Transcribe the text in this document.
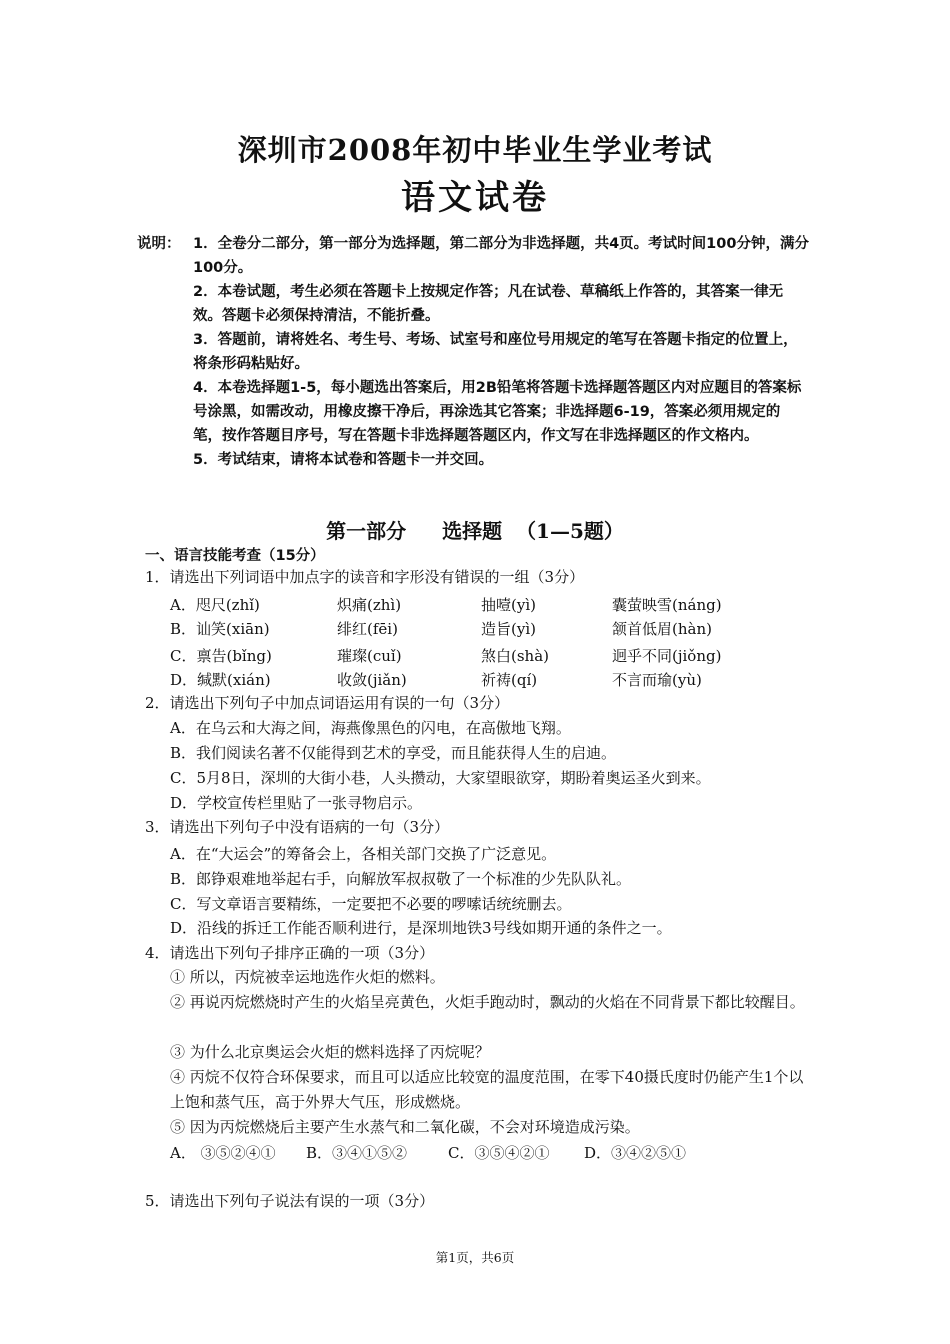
深圳市2008年初中毕业生学业考试
语文试卷
说明： 1．全卷分二部分，第一部分为选择题，第二部分为非选择题，共4页。考试时间100分钟，满分100分。
2．本卷试题，考生必须在答题卡上按规定作答；凡在试卷、草稿纸上作答的，其答案一律无效。答题卡必须保持清洁，不能折叠。
3．答题前，请将姓名、考生号、考场、试室号和座位号用规定的笔写在答题卡指定的位置上，将条形码粘贴好。
4．本卷选择题1-5，每小题选出答案后，用2B铅笔将答题卡选择题答题区内对应题目的答案标号涂黑，如需改动，用橡皮擦干净后，再涂选其它答案；非选择题6-19，答案必须用规定的笔，按作答题目序号，写在答题卡非选择题答题区内，作文写在非选择题区的作文格内。
5．考试结束，请将本试卷和答题卡一并交回。
第一部分 选择题 （1—5题）
一、语言技能考查（15分）
1．请选出下列词语中加点字的读音和字形没有错误的一组（3分）
A．咫尺(zhǐ)	炽痛(zhì)	抽噎(yì)	囊萤映雪(náng)
B．讪笑(xiān)	绯红(fēi)	造旨(yì)	颔首低眉(hàn)
C．禀告(bǐng)	璀璨(cuǐ)	煞白(shà)	迥乎不同(jiǒng)
D．缄默(xián)	收敛(jiǎn)	祈祷(qí)	不言而瑜(yù)
2．请选出下列句子中加点词语运用有误的一句（3分）
A．在乌云和大海之间，海燕像黑色的闪电，在高傲地飞翔。
B．我们阅读名著不仅能得到艺术的享受，而且能获得人生的启迪。
C．5月8日，深圳的大街小巷，人头攒动，大家望眼欲穿，期盼着奥运圣火到来。
D．学校宣传栏里贴了一张寻物启示。
3．请选出下列句子中没有语病的一句（3分）
A．在“大运会”的筹备会上，各相关部门交换了广泛意见。
B．郎铮艰难地举起右手，向解放军叔叔敬了一个标准的少先队队礼。
C．写文章语言要精练，一定要把不必要的啰嗦话统统删去。
D．沿线的拆迁工作能否顺利进行，是深圳地铁3号线如期开通的条件之一。
4．请选出下列句子排序正确的一项（3分）
① 所以，丙烷被幸运地选作火炬的燃料。
② 再说丙烷燃烧时产生的火焰呈亮黄色，火炬手跑动时，飘动的火焰在不同背景下都比较醒目。
③ 为什么北京奥运会火炬的燃料选择了丙烷呢？
④ 丙烷不仅符合环保要求，而且可以适应比较宽的温度范围，在零下40摄氏度时仍能产生1个以上饱和蒸气压，高于外界大气压，形成燃烧。
⑤ 因为丙烷燃烧后主要产生水蒸气和二氧化碳，不会对环境造成污染。
A． ③⑤②④① B．③④①⑤②	C．③⑤④②① D．③④②⑤①
5．请选出下列句子说法有误的一项（3分）
第1页，共6页
